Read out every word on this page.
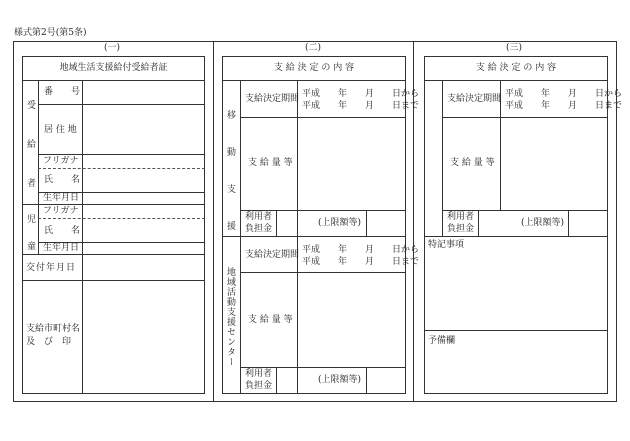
様式第2号(第5条)
(一)	(二)	(三)
地域生活支援給付受給者証
受 給 者
番　　号
居 住 地
フリガナ
氏　　名
生年月日
児 童
フリガナ
氏　　名
生年月日
交付年月日
支給市町村名
及　び　印
支 給 決 定 の 内 容
移 動 支 援
支給決定期間 平成　　年　　月　　日から
平成　　年　　月　　日まで
支 給 量 等
利用者
負担金
(上限額等)
地域活動支援センター
支給決定期間 平成　　年　　月　　日から
平成　　年　　月　　日まで
支 給 量 等
利用者
負担金
(上限額等)
支 給 決 定 の 内 容
支給決定期間 平成　　年　　月　　日から
平成　　年　　月　　日まで
支 給 量 等
利用者
負担金
(上限額等)
特記事項
予備欄
